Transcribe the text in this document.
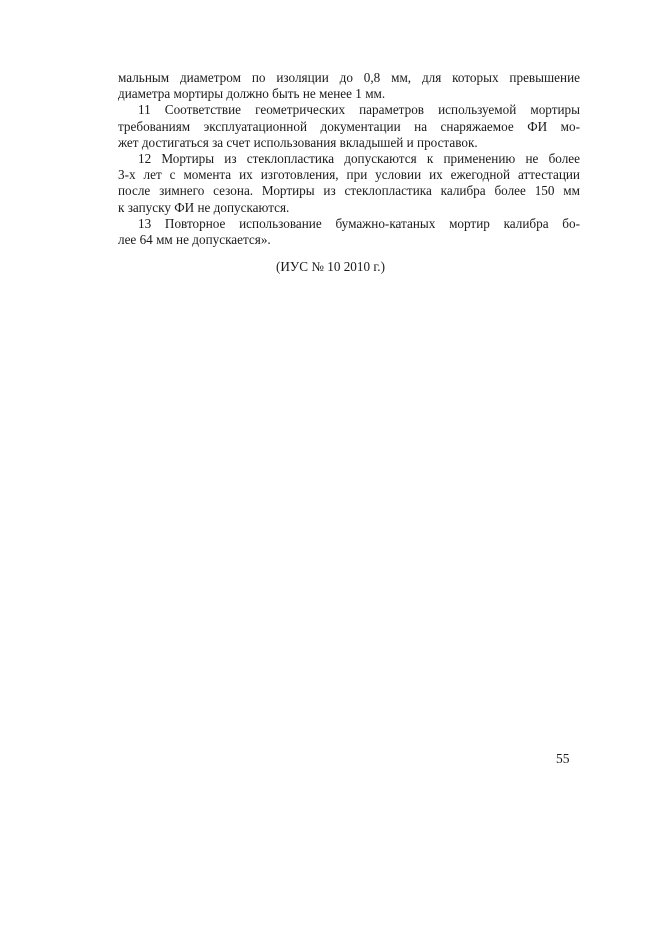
мальным диаметром по изоляции до 0,8 мм, для которых превышение
диаметра мортиры должно быть не менее 1 мм.
11 Соответствие геометрических параметров используемой мортиры
требованиям эксплуатационной документации на снаряжаемое ФИ мо-
жет достигаться за счет использования вкладышей и проставок.
12 Мортиры из стеклопластика допускаются к применению не более
3-х лет с момента их изготовления, при условии их ежегодной аттестации
после зимнего сезона. Мортиры из стеклопластика калибра более 150 мм
к запуску ФИ не допускаются.
13 Повторное использование бумажно-катаных мортир калибра бо-
лее 64 мм не допускается».
(ИУС № 10 2010 г.)
55
